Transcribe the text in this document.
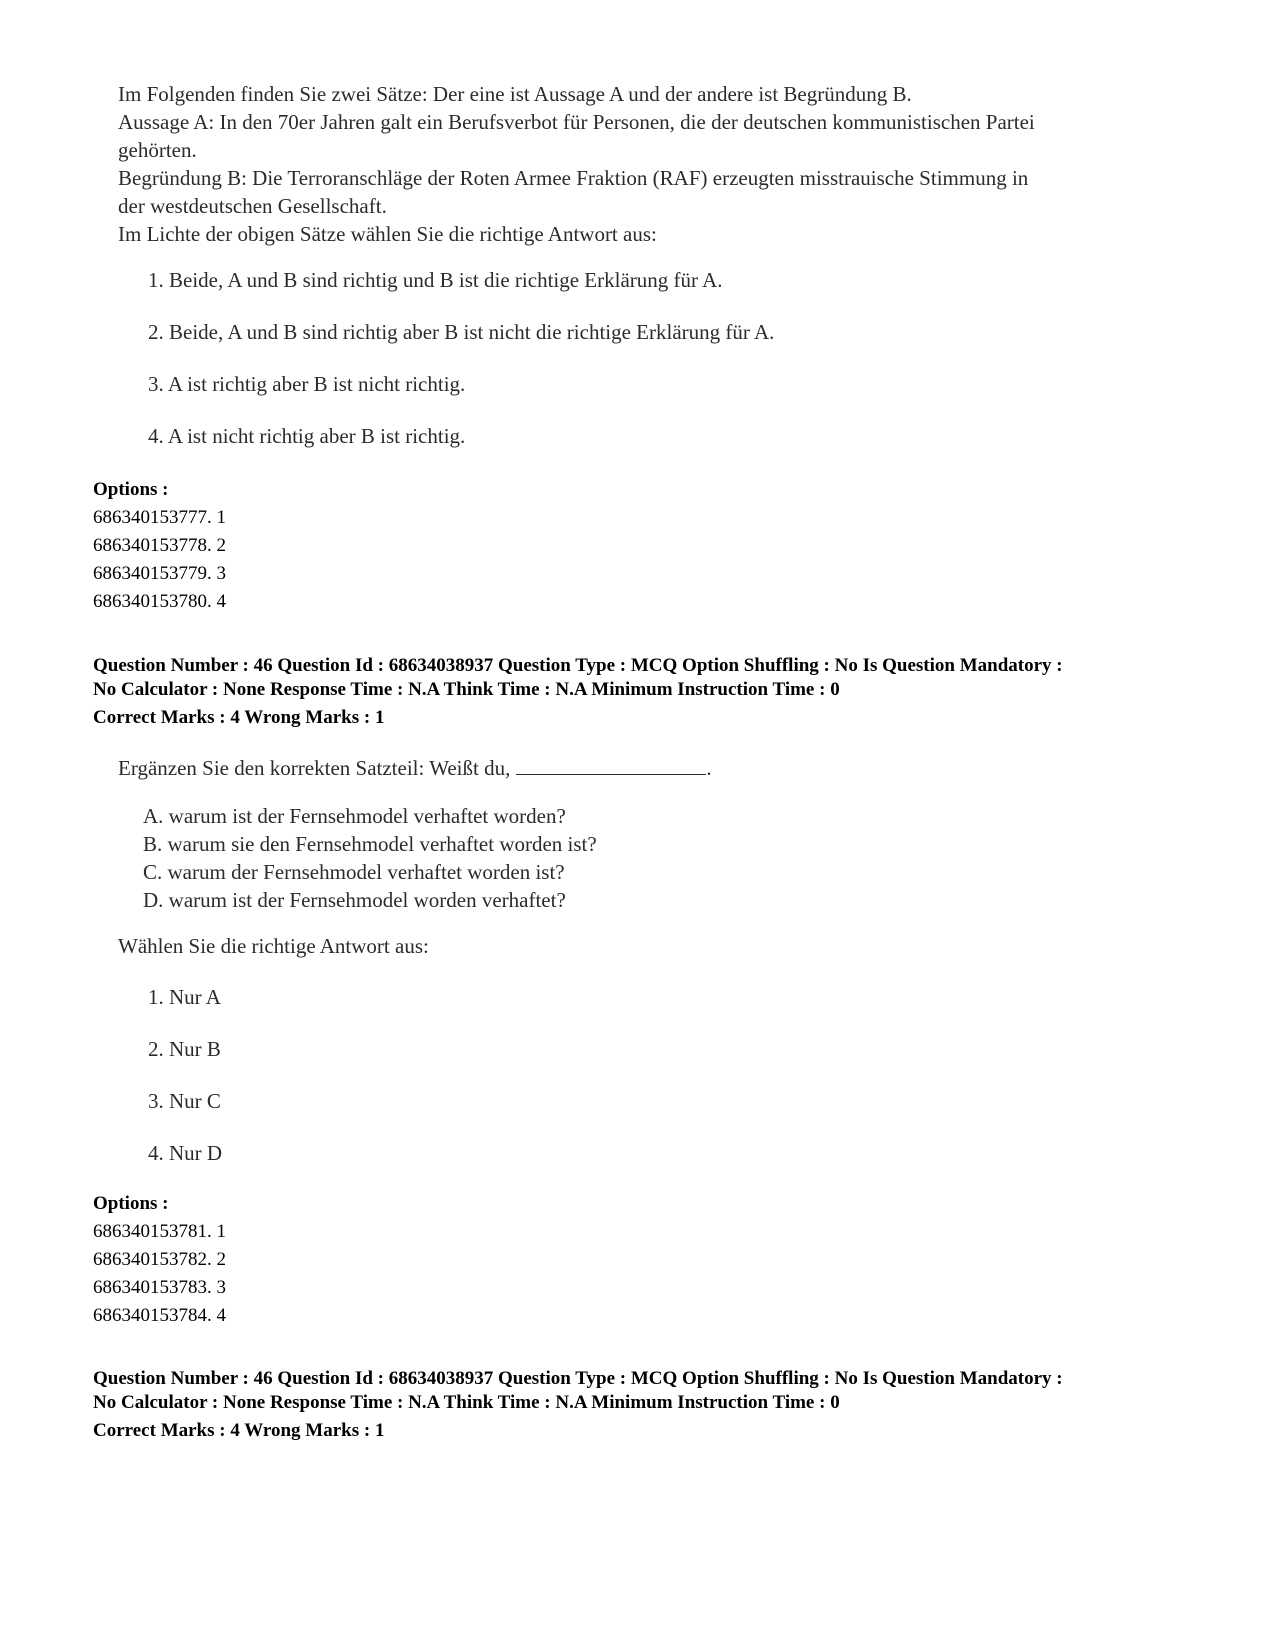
Im Folgenden finden Sie zwei Sätze: Der eine ist Aussage A und der andere ist Begründung B.

Aussage A: In den 70er Jahren galt ein Berufsverbot für Personen, die der deutschen kommunistischen Partei

gehörten.

Begründung B: Die Terroranschläge der Roten Armee Fraktion (RAF) erzeugten misstrauische Stimmung in

der westdeutschen Gesellschaft.

Im Lichte der obigen Sätze wählen Sie die richtige Antwort aus:

1. Beide, A und B sind richtig und B ist die richtige Erklärung für A.
2. Beide, A und B sind richtig aber B ist nicht die richtige Erklärung für A.
3. A ist richtig aber B ist nicht richtig.
4. A ist nicht richtig aber B ist richtig.
Options :
686340153777. 1
686340153778. 2
686340153779. 3
686340153780. 4
Question Number : 46 Question Id : 68634038937 Question Type : MCQ Option Shuffling : No Is Question Mandatory :
No Calculator : None Response Time : N.A Think Time : N.A Minimum Instruction Time : 0
Correct Marks : 4 Wrong Marks : 1

Ergänzen Sie den korrekten Satzteil: Weißt du,	.

A. warum ist der Fernsehmodel verhaftet worden?
B. warum sie den Fernsehmodel verhaftet worden ist?
C. warum der Fernsehmodel verhaftet worden ist?
D. warum ist der Fernsehmodel worden verhaftet?

Wählen Sie die richtige Antwort aus:

1. Nur A
2. Nur B
3. Nur C
4. Nur D
Options :
686340153781. 1
686340153782. 2
686340153783. 3
686340153784. 4
Question Number : 46 Question Id : 68634038937 Question Type : MCQ Option Shuffling : No Is Question Mandatory :
No Calculator : None Response Time : N.A Think Time : N.A Minimum Instruction Time : 0
Correct Marks : 4 Wrong Marks : 1
